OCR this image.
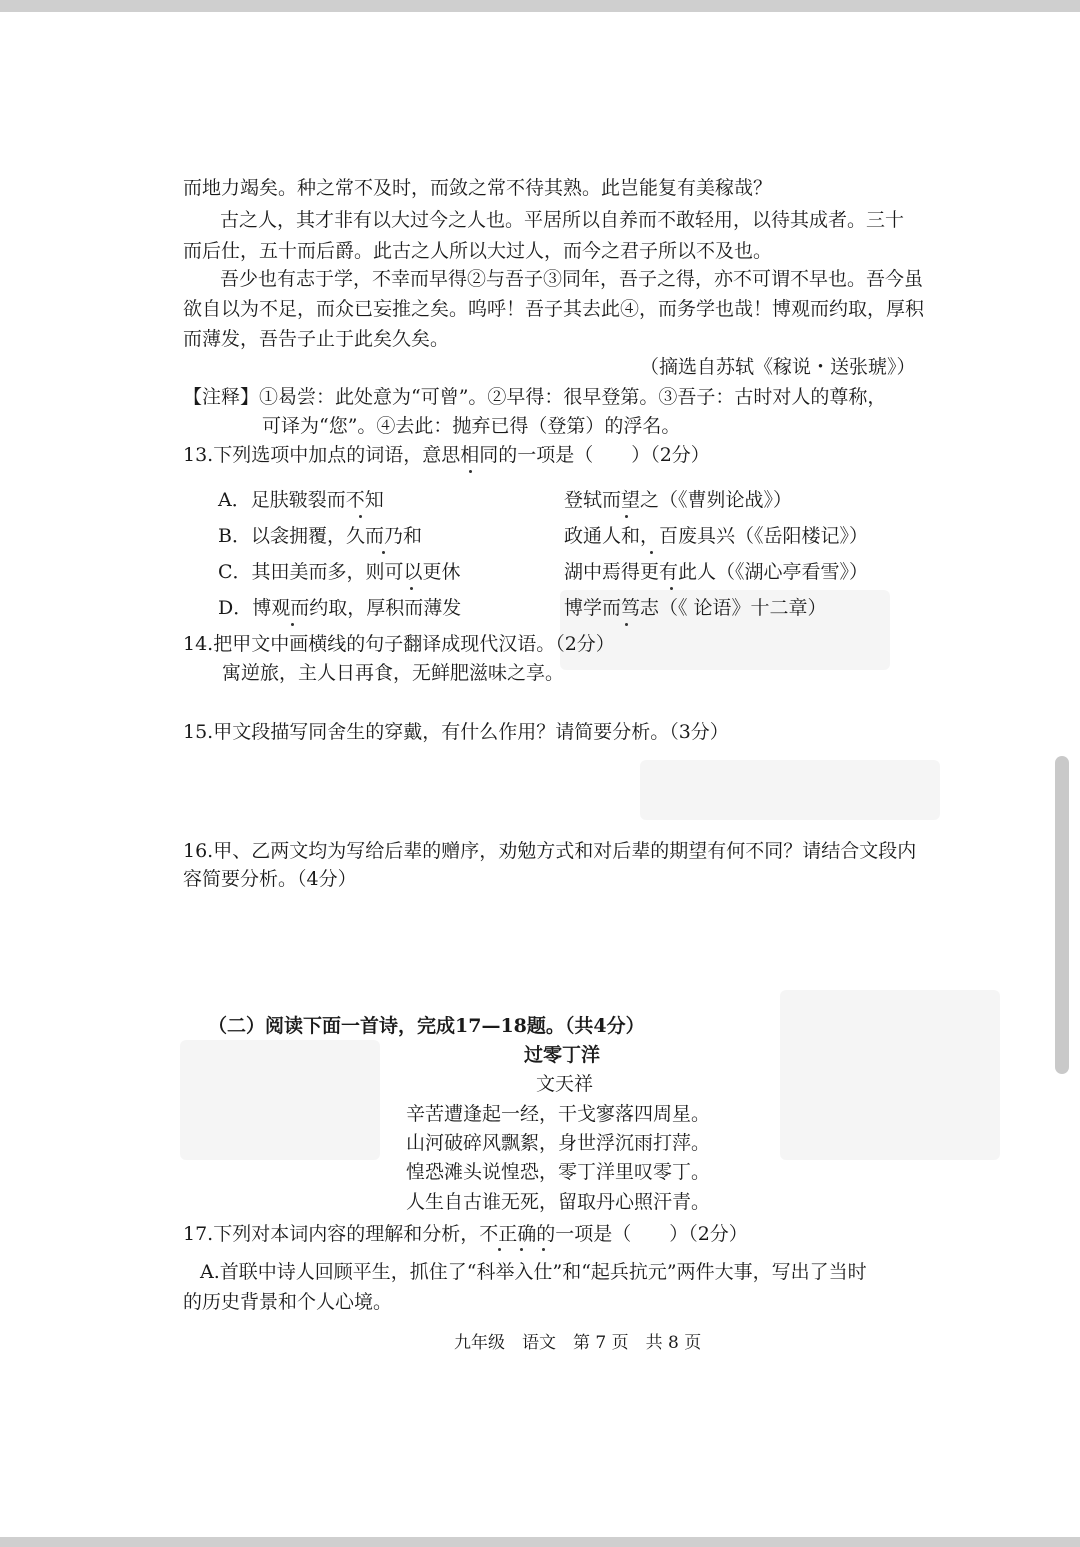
而地力竭矣。种之常不及时，而敛之常不待其熟。此岂能复有美稼哉？
古之人，其才非有以大过今之人也。平居所以自养而不敢轻用，以待其成者。三十
而后仕，五十而后爵。此古之人所以大过人，而今之君子所以不及也。
吾少也有志于学，不幸而早得②与吾子③同年，吾子之得，亦不可谓不早也。吾今虽
欲自以为不足，而众已妄推之矣。呜呼！吾子其去此④，而务学也哉！博观而约取，厚积
而薄发，吾告子止于此矣久矣。
（摘选自苏轼《稼说・送张琥》）
【注释】①曷尝：此处意为“可曾”。②早得：很早登第。③吾子：古时对人的尊称，
可译为“您”。④去此：抛弃已得（登第）的浮名。
13.下列选项中加点的词语，意思相同的一项是（　　）（2分）
A．足肤皲裂而不知	登轼而望之（《曹刿论战》）
B．以衾拥覆，久而乃和	政通人和，百废具兴（《岳阳楼记》）
C．其田美而多，则可以更休	湖中焉得更有此人（《湖心亭看雪》）
D．博观而约取，厚积而薄发	博学而笃志（《 论语》十二章）
14.把甲文中画横线的句子翻译成现代汉语。（2分）
寓逆旅，主人日再食，无鲜肥滋味之享。
15.甲文段描写同舍生的穿戴，有什么作用？请简要分析。（3分）
16.甲、乙两文均为写给后辈的赠序，劝勉方式和对后辈的期望有何不同？请结合文段内
容简要分析。（4分）
（二）阅读下面一首诗，完成17—18题。（共4分）
过零丁洋
文天祥
辛苦遭逢起一经，干戈寥落四周星。
山河破碎风飘絮，身世浮沉雨打萍。
惶恐滩头说惶恐，零丁洋里叹零丁。
人生自古谁无死，留取丹心照汗青。
17.下列对本词内容的理解和分析，不正确的一项是（　　）（2分）
A.首联中诗人回顾平生，抓住了“科举入仕”和“起兵抗元”两件大事，写出了当时
的历史背景和个人心境。
九年级　语文　第 7 页　共 8 页
